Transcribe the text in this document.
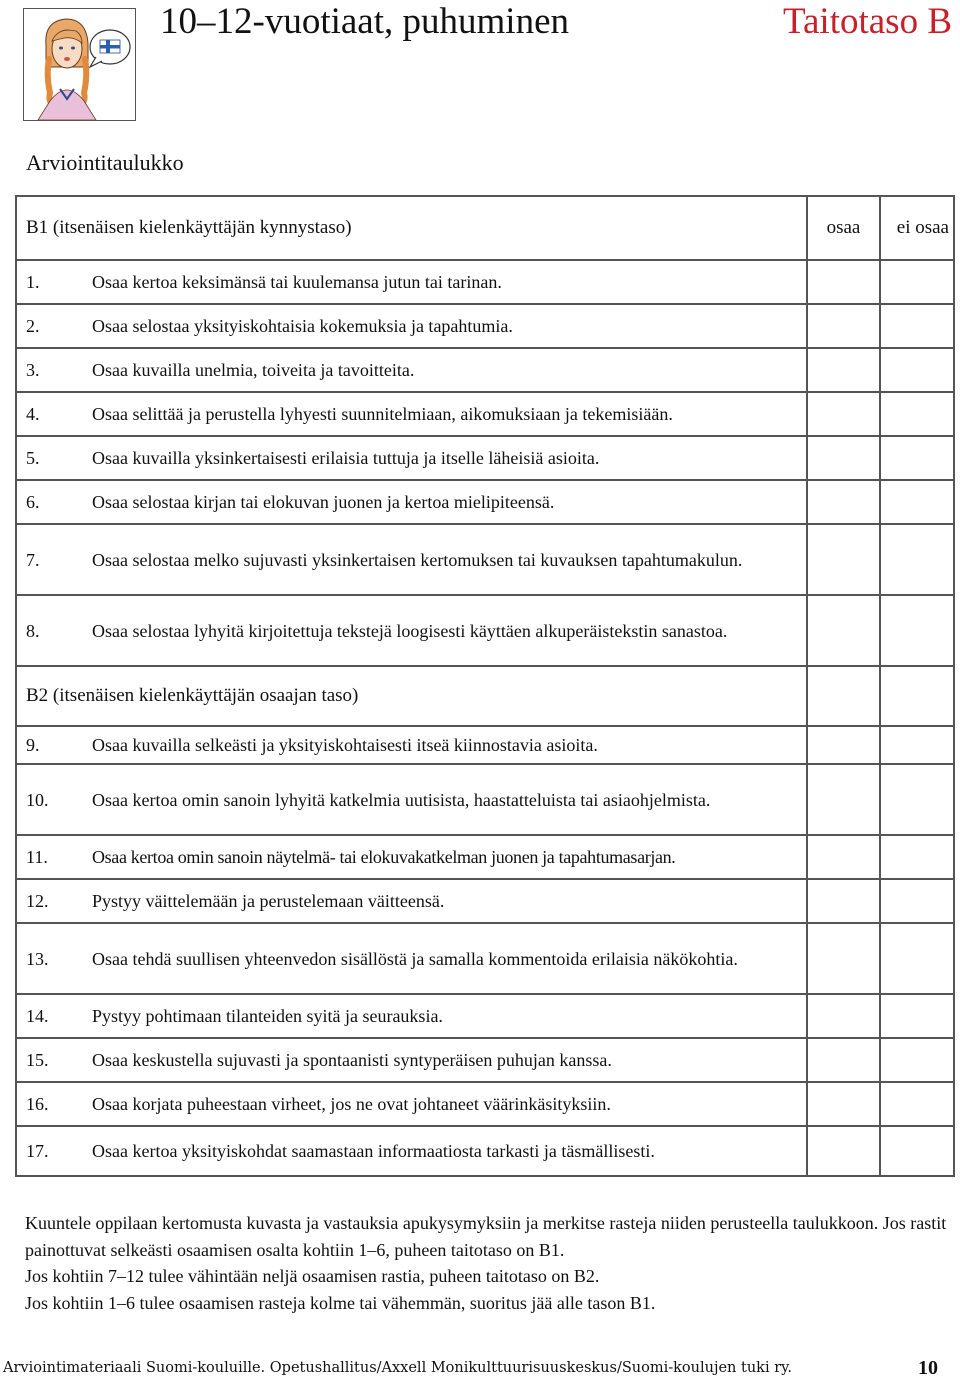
10–12-vuotiaat, puhuminen	Taitotaso B
Arviointitaulukko
B1 (itsenäisen kielenkäyttäjän kynnystaso)	osaa	ei osaa

1. Osaa kertoa keksimänsä tai kuulemansa jutun tai tarinan.		

2. Osaa selostaa yksityiskohtaisia kokemuksia ja tapahtumia.		

3. Osaa kuvailla unelmia, toiveita ja tavoitteita.		

4. Osaa selittää ja perustella lyhyesti suunnitelmiaan, aikomuksiaan ja tekemisiään.		

5. Osaa kuvailla yksinkertaisesti erilaisia tuttuja ja itselle läheisiä asioita.		

6. Osaa selostaa kirjan tai elokuvan juonen ja kertoa mielipiteensä.		

7. Osaa selostaa melko sujuvasti yksinkertaisen kertomuksen tai kuvauksen tapahtumakulun.		

8. Osaa selostaa lyhyitä kirjoitettuja tekstejä loogisesti käyttäen alkuperäistekstin sanastoa.		

B2 (itsenäisen kielenkäyttäjän osaajan taso)		

9. Osaa kuvailla selkeästi ja yksityiskohtaisesti itseä kiinnostavia asioita.		

10. Osaa kertoa omin sanoin lyhyitä katkelmia uutisista, haastatteluista tai asiaohjelmista.		

11. Osaa kertoa omin sanoin näytelmä- tai elokuvakatkelman juonen ja tapahtumasarjan.		

12. Pystyy väittelemään ja perustelemaan väitteensä.		

13. Osaa tehdä suullisen yhteenvedon sisällöstä ja samalla kommentoida erilaisia näkökohtia.		

14. Pystyy pohtimaan tilanteiden syitä ja seurauksia.		

15. Osaa keskustella sujuvasti ja spontaanisti syntyperäisen puhujan kanssa.		

16. Osaa korjata puheestaan virheet, jos ne ovat johtaneet väärinkäsityksiin.		

17. Osaa kertoa yksityiskohdat saamastaan informaatiosta tarkasti ja täsmällisesti.		

Kuuntele oppilaan kertomusta kuvasta ja vastauksia apukysymyksiin ja merkitse rasteja niiden perusteella taulukkoon. Jos rastit painottuvat selkeästi osaamisen osalta kohtiin 1–6, puheen taitotaso on B1.

Jos kohtiin 7–12 tulee vähintään neljä osaamisen rastia, puheen taitotaso on B2.

Jos kohtiin 1–6 tulee osaamisen rasteja kolme tai vähemmän, suoritus jää alle tason B1.

Arviointimateriaali Suomi-kouluille. Opetushallitus/Axxell Monikulttuurisuuskeskus/Suomi-koulujen tuki ry.	10
